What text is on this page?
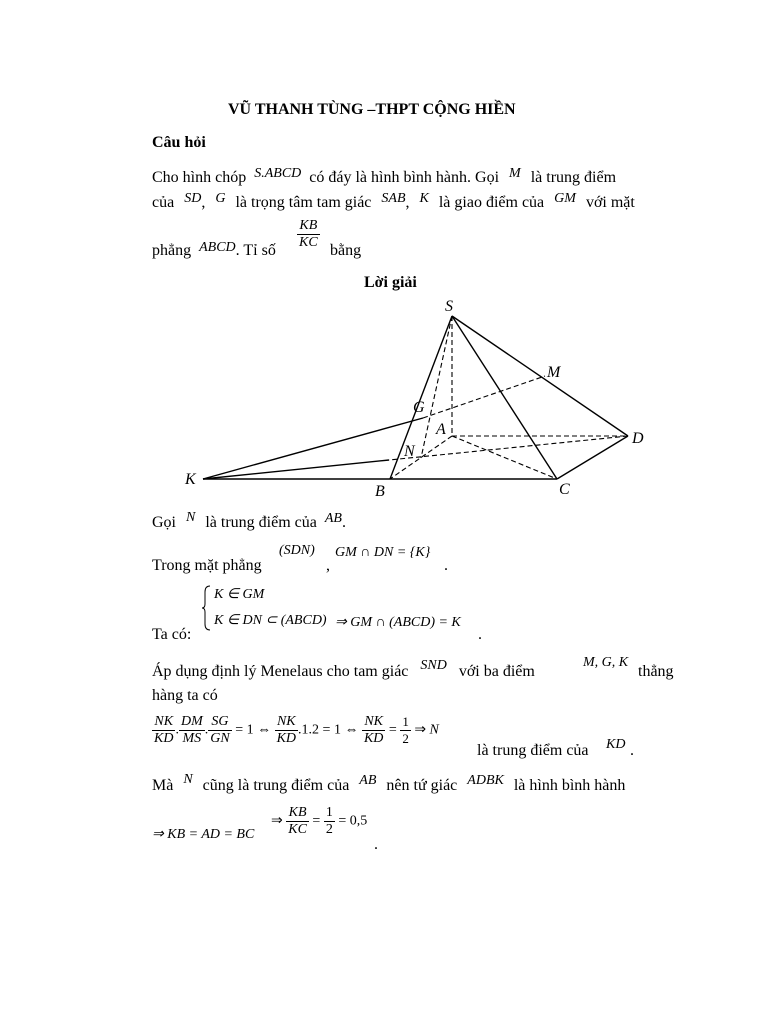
VŨ THANH TÙNG –THPT CỘNG HIỀN
Câu hỏi
Cho hình chóp S.ABCD có đáy là hình bình hành. Gọi M là trung điểm
của SD, G là trọng tâm tam giác SAB, K là giao điểm của GM với mặt
phẳng ABCD. Tỉ số $\frac{KB}{KC}$ bằng
Lời giải
S
M
G
A
D
N
K
B	C
Gọi N là trung điểm của AB.
Trong mặt phẳng
(SDN)
,
GM ∩ DN = {K}
.
Ta có:
K ∈ GM
K ∈ DN ⊂ (ABCD) ⇒ GM ∩ (ABCD) = K
.
Áp dụng định lý Menelaus cho tam giác SND với ba điểm
M, G, K
thẳng
hàng ta có
$\frac{NK}{KD}$ . $\frac{DM}{MS}$ . $\frac{SG}{GN} = 1$ ⇔ $\frac{NK}{KD} .1.2 = 1$ ⇔ $\frac{NK}{KD} = \frac{1}{2}$ ⇒ N
là trung điểm của KD .
Mà N cũng là trung điểm của AB nên tứ giác ADBK là hình bình hành
⇒ KB = AD = BC
⇒ $\frac{KB}{KC} = \frac{1}{2} = 0,5$
.
